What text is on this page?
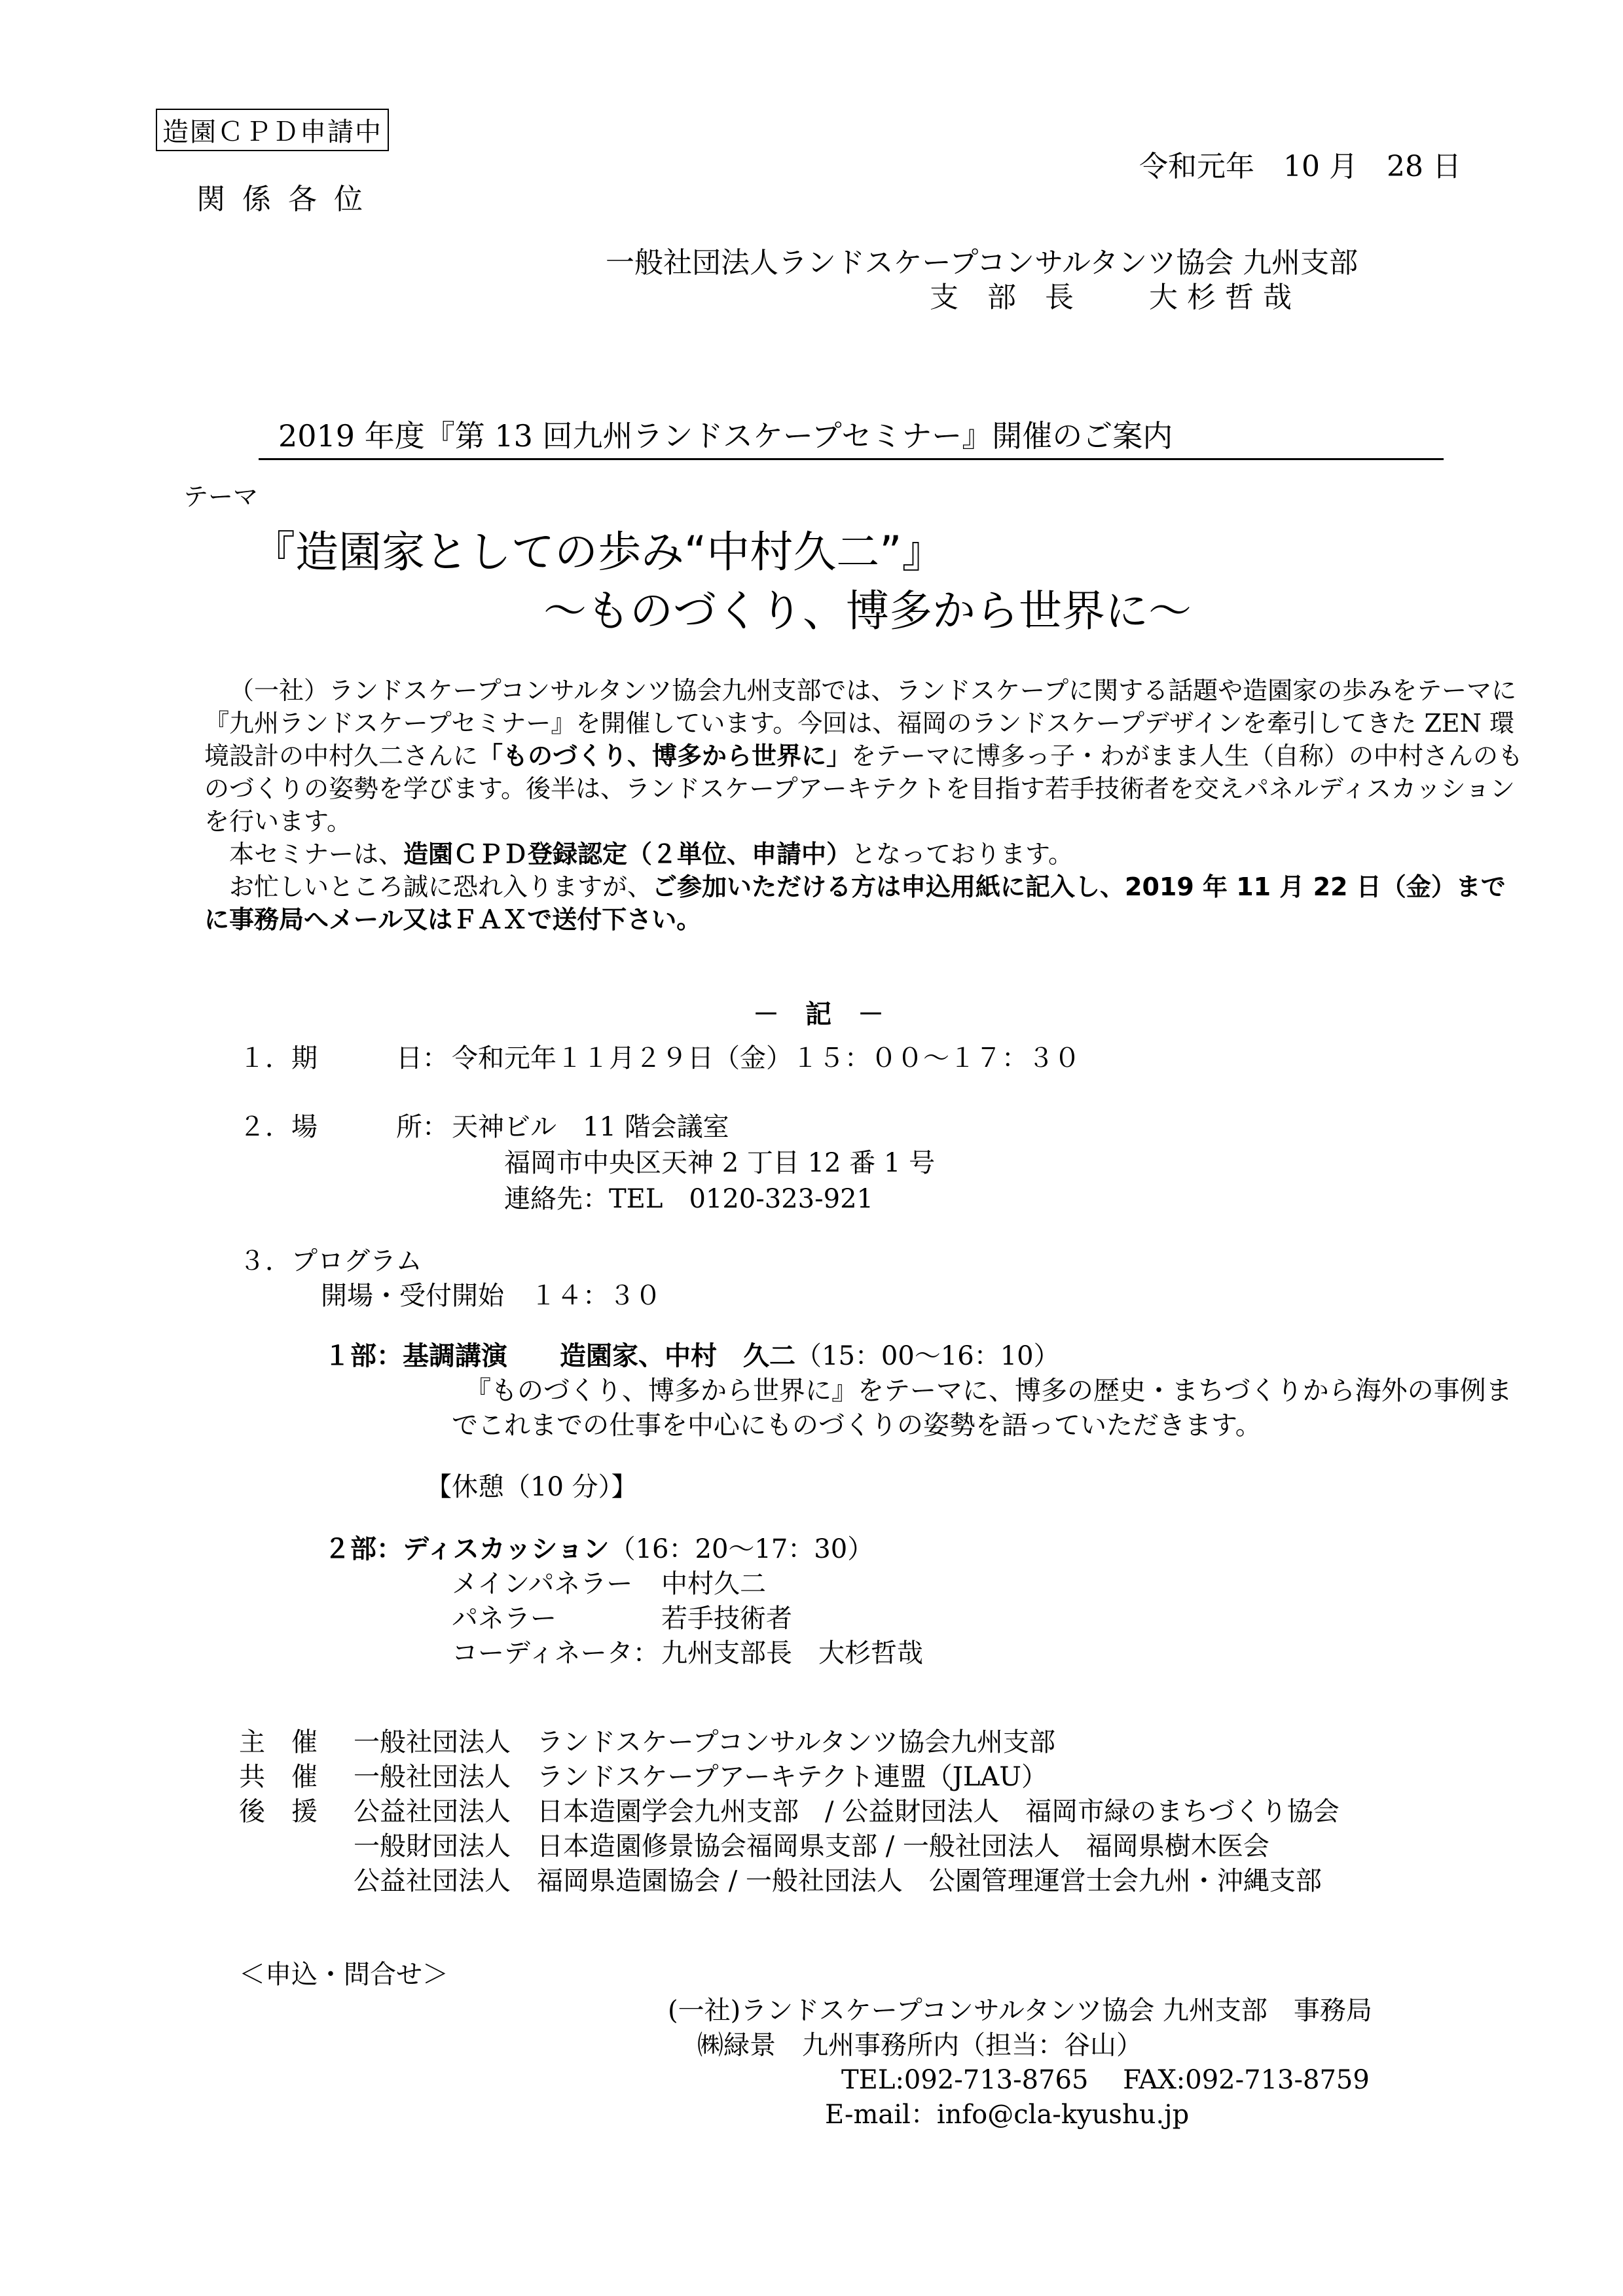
造園ＣＰＤ申請中
令和元年　10 月　28 日
関 係 各 位
一般社団法人ランドスケープコンサルタンツ協会 九州支部
支　部　長	大 杉 哲 哉
2019 年度『第 13 回九州ランドスケープセミナー』開催のご案内
テーマ
『造園家としての歩み“中村久二”』
～ものづくり、博多から世界に～

（一社）ランドスケープコンサルタンツ協会九州支部では、ランドスケープに関する話題や造園家の歩みをテーマに『九州ランドスケープセミナー』を開催しています。今回は、福岡のランドスケープデザインを牽引してきた ZEN 環境設計の中村久二さんに「ものづくり、博多から世界に」をテーマに博多っ子・わがまま人生（自称）の中村さんのものづくりの姿勢を学びます。後半は、ランドスケープアーキテクトを目指す若手技術者を交えパネルディスカッションを行います。

本セミナーは、造園ＣＰＤ登録認定（２単位、申請中）となっております。

お忙しいところ誠に恐れ入りますが、ご参加いただける方は申込用紙に記入し、2019 年 11 月 22 日（金）までに事務局へメール又はＦＡＸで送付下さい。

－　記　－
１．期　　　日： 令和元年１１月２９日（金）１５：００～１７：３０
２．場　　　所： 天神ビル　11 階会議室
福岡市中央区天神 2 丁目 12 番 1 号
連絡先：TEL　0120-323-921
３．プログラム
開場・受付開始　１４：３０
１部：基調講演　　造園家、中村　久二（15：00～16：10）
『ものづくり、博多から世界に』をテーマに、博多の歴史・まちづくりから海外の事例ま
でこれまでの仕事を中心にものづくりの姿勢を語っていただきます。
【休憩（10 分）】
２部：ディスカッション（16：20～17：30）
メインパネラー 中村久二
パネラー	若手技術者
コーディネータ： 九州支部長　大杉哲哉
主　催 一般社団法人　ランドスケープコンサルタンツ協会九州支部
共　催 一般社団法人　ランドスケープアーキテクト連盟（JLAU）
後　援 公益社団法人　日本造園学会九州支部　/ 公益財団法人　福岡市緑のまちづくり協会
一般財団法人　日本造園修景協会福岡県支部 / 一般社団法人　福岡県樹木医会
公益社団法人　福岡県造園協会 / 一般社団法人　公園管理運営士会九州・沖縄支部
＜申込・問合せ＞
(一社)ランドスケープコンサルタンツ協会 九州支部　事務局
㈱緑景　九州事務所内（担当：谷山）
TEL:092-713-8765　 FAX:092-713-8759
E-mail：info@cla-kyushu.jp
